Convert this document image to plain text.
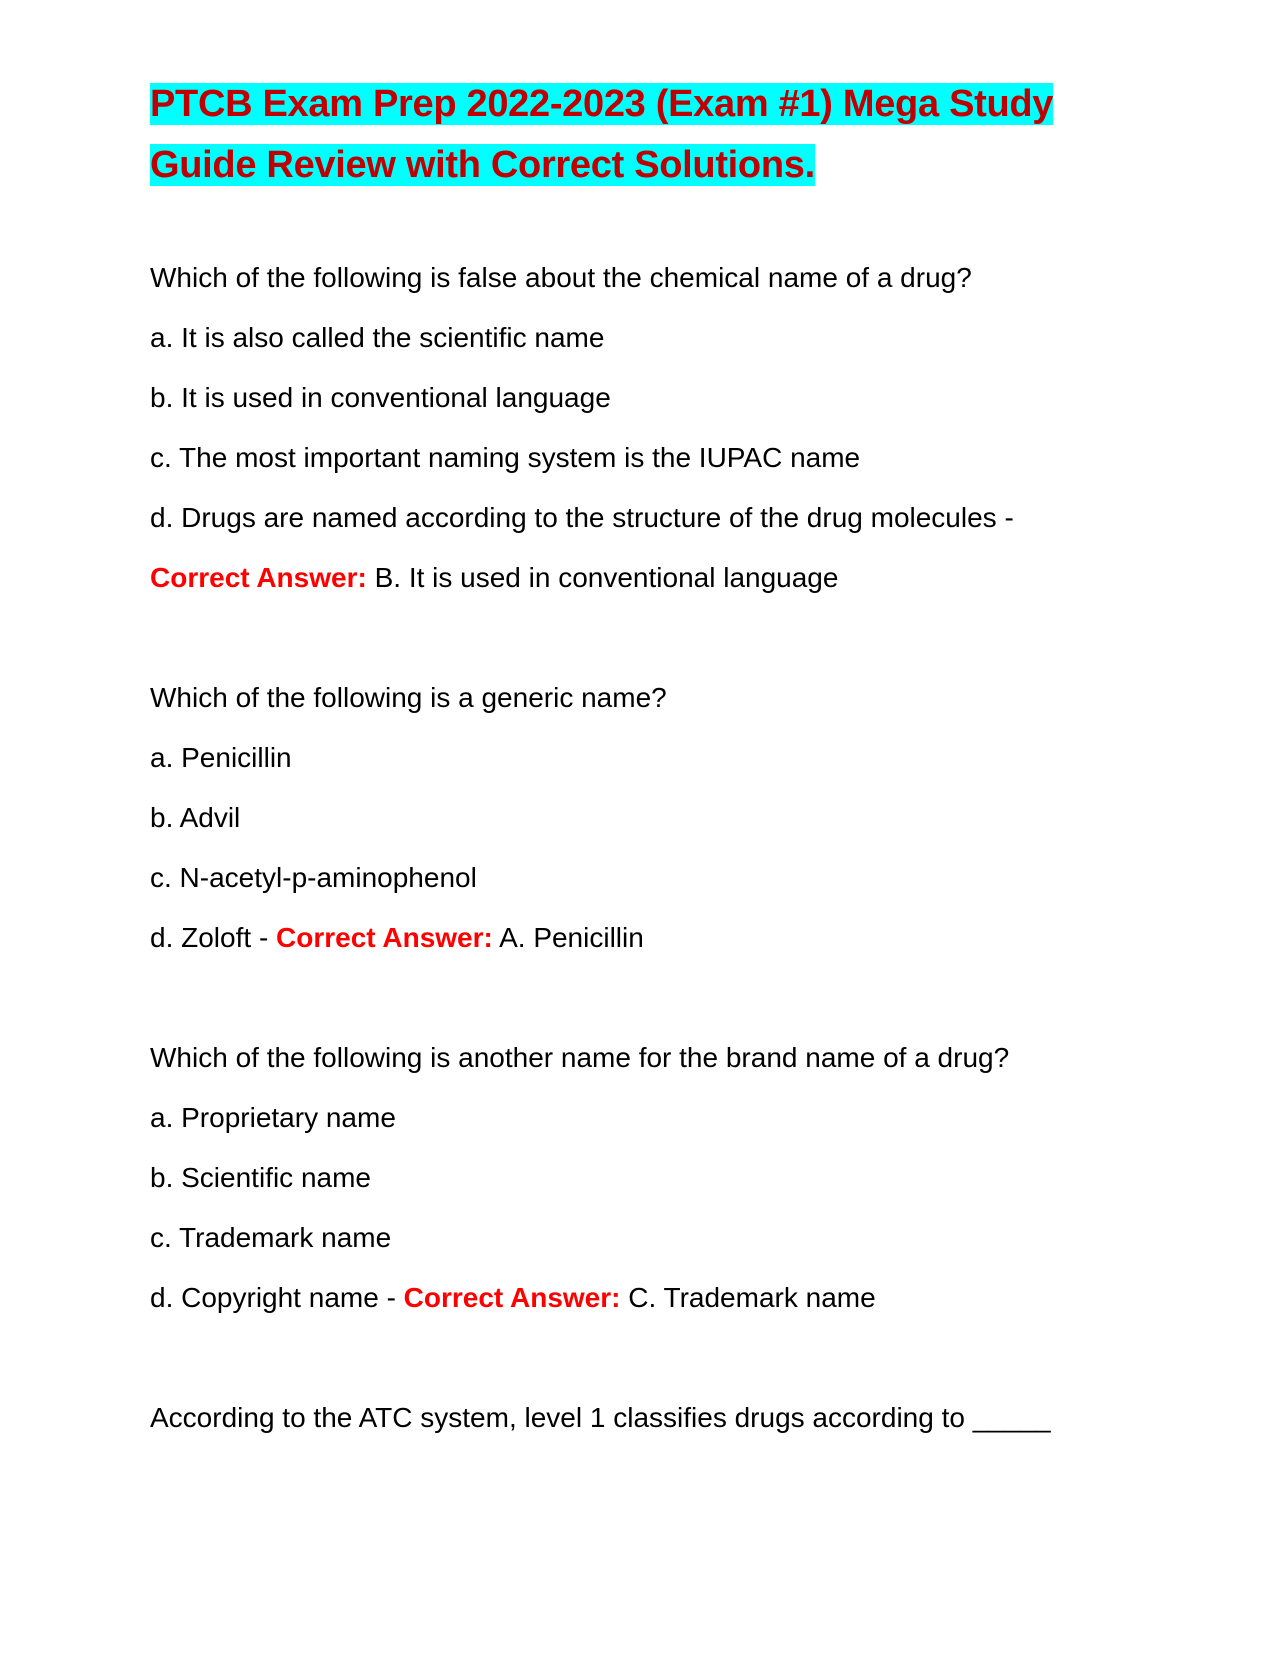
PTCB Exam Prep 2022-2023 (Exam #1) Mega Study Guide Review with Correct Solutions.

Which of the following is false about the chemical name of a drug?

a. It is also called the scientific name

b. It is used in conventional language

c. The most important naming system is the IUPAC name

d. Drugs are named according to the structure of the drug molecules -

Correct Answer: B. It is used in conventional language

Which of the following is a generic name?

a. Penicillin

b. Advil

c. N-acetyl-p-aminophenol

d. Zoloft - Correct Answer: A. Penicillin

Which of the following is another name for the brand name of a drug?

a. Proprietary name

b. Scientific name

c. Trademark name

d. Copyright name - Correct Answer: C. Trademark name

According to the ATC system, level 1 classifies drugs according to _____
